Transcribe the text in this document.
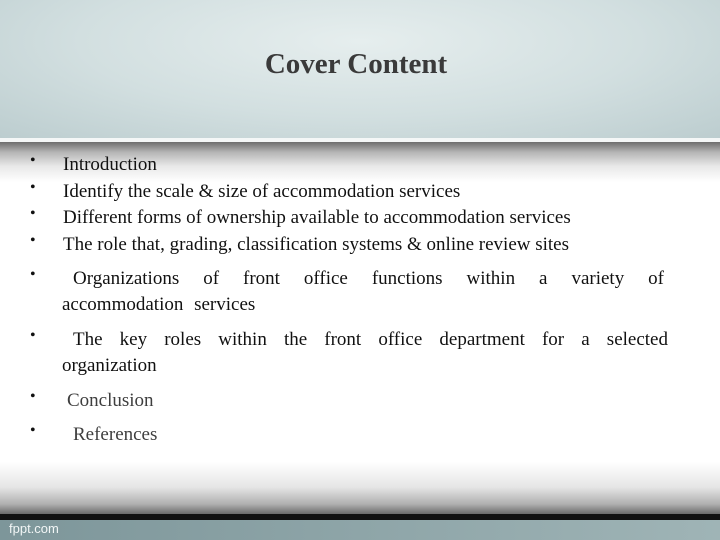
Cover Content
• Introduction
• Identify the scale & size of accommodation services
• Different forms of ownership available to accommodation services
• The role that, grading, classification systems & online review sites
•	Organizations of front office functions within a variety of accommodation services
•	The key roles within the front office department for a selected organization
• Conclusion
• References
fppt.com
